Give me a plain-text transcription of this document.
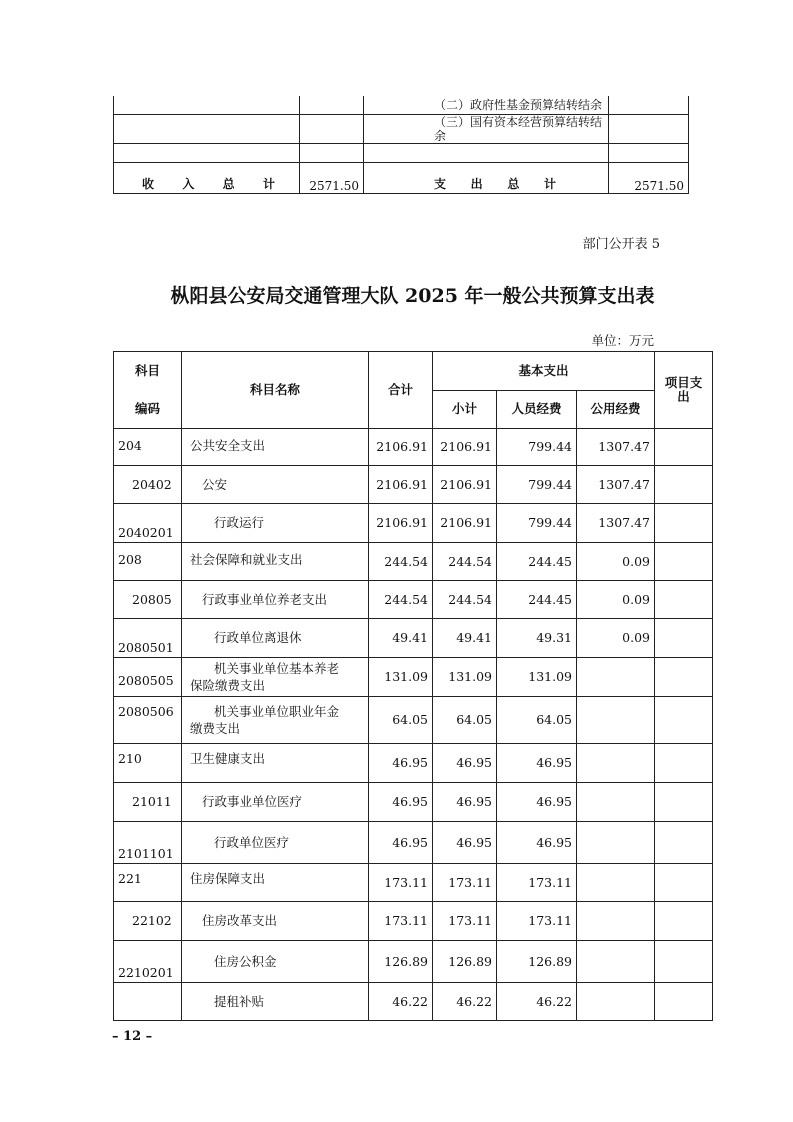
		（二）政府性基金预算结转结余	
		（三）国有资本经营预算结转结余	

收 入 总 计	2571.50	支 出 总 计	2571.50
部门公开表 5
枞阳县公安局交通管理大队 2025 年一般公共预算支出表
单位：万元
科目
编码	科目名称	合计	基本支出			项目支出
			小计	人员经费	公用经费	
204	公共安全支出	2106.91	2106.91	799.44	1307.47	
20402	公安	2106.91	2106.91	799.44	1307.47	
2040201	行政运行	2106.91	2106.91	799.44	1307.47	
208	社会保障和就业支出	244.54	244.54	244.45	0.09	
20805	行政事业单位养老支出	244.54	244.54	244.45	0.09	
2080501	行政单位离退休	49.41	49.41	49.31	0.09	
2080505	机关事业单位基本养老
保险缴费支出	131.09	131.09	131.09		
2080506	机关事业单位职业年金
缴费支出	64.05	64.05	64.05		
210	卫生健康支出	46.95	46.95	46.95		
21011	行政事业单位医疗	46.95	46.95	46.95		
2101101	行政单位医疗	46.95	46.95	46.95		
221	住房保障支出	173.11	173.11	173.11		
22102	住房改革支出	173.11	173.11	173.11		
2210201	住房公积金	126.89	126.89	126.89		
	提租补贴	46.22	46.22	46.22		
– 12 –
